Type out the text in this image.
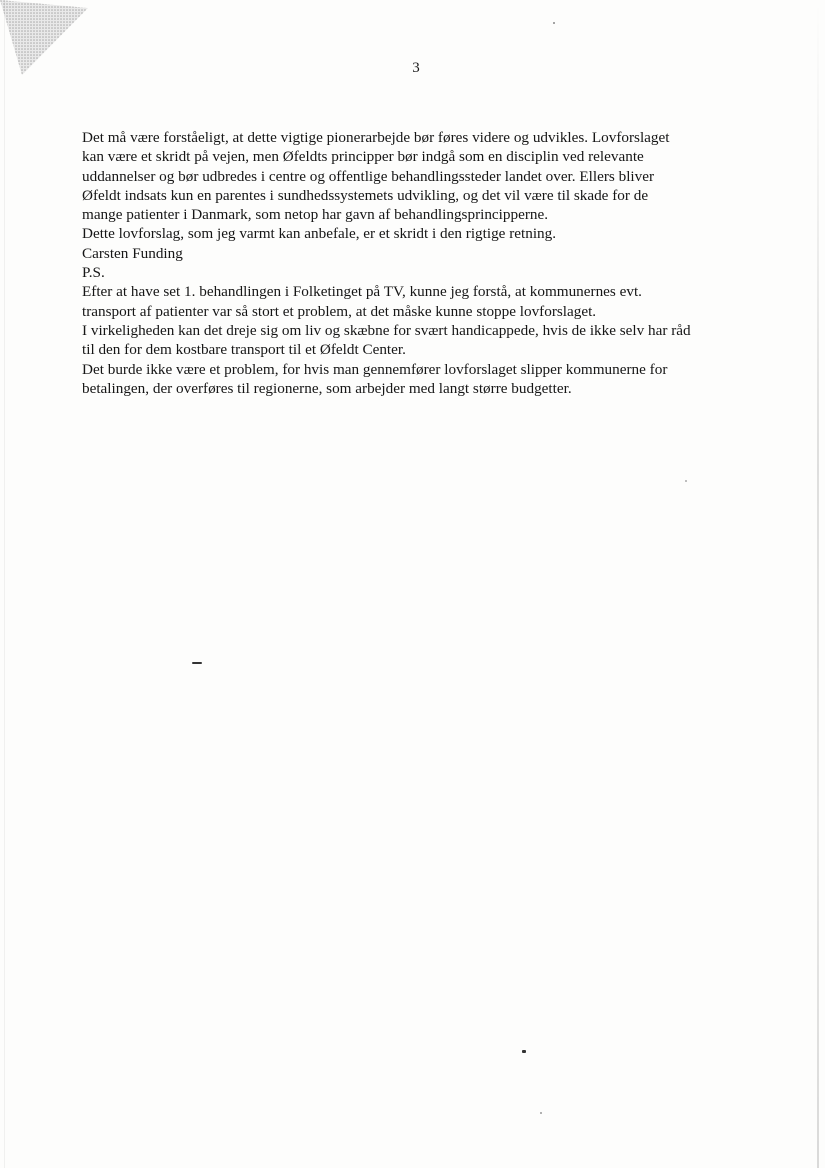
3

Det må være forståeligt, at dette vigtige pionerarbejde bør føres videre og udvikles. Lovforslaget
kan være et skridt på vejen, men Øfeldts principper bør indgå som en disciplin ved relevante
uddannelser og bør udbredes i centre og offentlige behandlingssteder landet over. Ellers bliver
Øfeldt indsats kun en parentes i sundhedssystemets udvikling, og det vil være til skade for de
mange patienter i Danmark, som netop har gavn af behandlingsprincipperne.

Dette lovforslag, som jeg varmt kan anbefale, er et skridt i den rigtige retning.

Carsten Funding

P.S.

Efter at have set 1. behandlingen i Folketinget på TV, kunne jeg forstå, at kommunernes evt.
transport af patienter var så stort et problem, at det måske kunne stoppe lovforslaget.

I virkeligheden kan det dreje sig om liv og skæbne for svært handicappede, hvis de ikke selv har råd
til den for dem kostbare transport til et Øfeldt Center.

Det burde ikke være et problem, for hvis man gennemfører lovforslaget slipper kommunerne for
betalingen, der overføres til regionerne, som arbejder med langt større budgetter.
